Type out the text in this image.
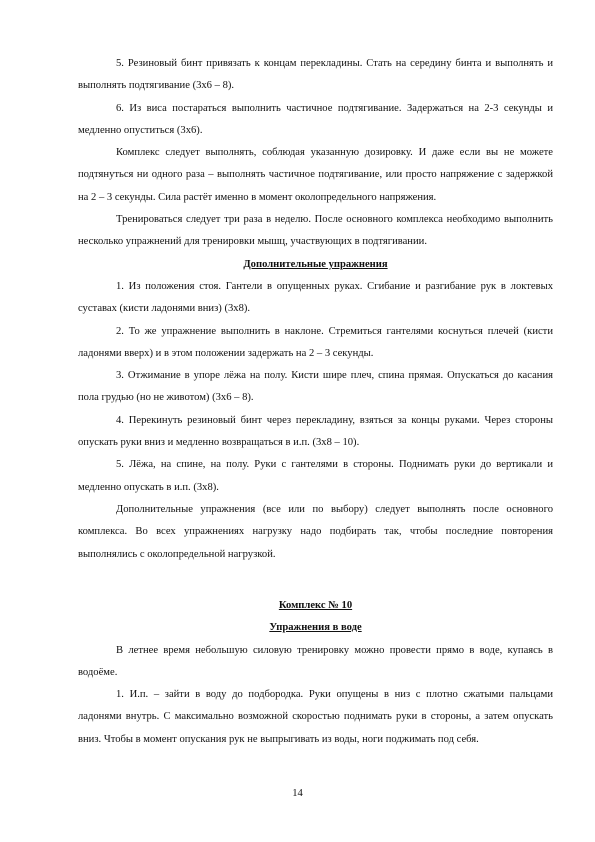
5. Резиновый бинт привязать к концам перекладины. Стать на середину бинта и выполнять и выполнять подтягивание (3х6 – 8).

6. Из виса постараться выполнить частичное подтягивание. Задержаться на 2-3 секунды и медленно опуститься (3х6).

Комплекс следует выполнять, соблюдая указанную дозировку. И даже если вы не можете подтянуться ни одного раза – выполнять частичное подтягивание, или просто напряжение с задержкой на 2 – 3 секунды. Сила растёт именно в момент околопредельного напряжения.

Тренироваться следует три раза в неделю. После основного комплекса необходимо выполнить несколько упражнений для тренировки мышц, участвующих в подтягивании.

Дополнительные упражнения

1. Из положения стоя. Гантели в опущенных руках. Сгибание и разгибание рук в локтевых суставах (кисти ладонями вниз) (3х8).

2. То же упражнение выполнить в наклоне. Стремиться гантелями коснуться плечей (кисти ладонями вверх) и в этом положении задержать на 2 – 3 секунды.

3. Отжимание в упоре лёжа на полу. Кисти шире плеч, спина прямая. Опускаться до касания пола грудью (но не животом) (3х6 – 8).

4. Перекинуть резиновый бинт через перекладину, взяться за концы руками. Через стороны опускать руки вниз и медленно возвращаться в и.п. (3х8 – 10).

5. Лёжа, на спине, на полу. Руки с гантелями в стороны. Поднимать руки до вертикали и медленно опускать в и.п. (3х8).

Дополнительные упражнения (все или по выбору) следует выполнять после основного комплекса. Во всех упражнениях нагрузку надо подбирать так, чтобы последние повторения выполнялись с околопредельной нагрузкой.

Комплекс № 10

Упражнения в воде

В летнее время небольшую силовую тренировку можно провести прямо в воде, купаясь в водоёме.

1. И.п. – зайти в воду до подбородка. Руки опущены в низ с плотно сжатыми пальцами ладонями внутрь. С максимально возможной скоростью поднимать руки в стороны, а затем опускать вниз. Чтобы в момент опускания рук не выпрыгивать из воды, ноги поджимать под себя.

14
